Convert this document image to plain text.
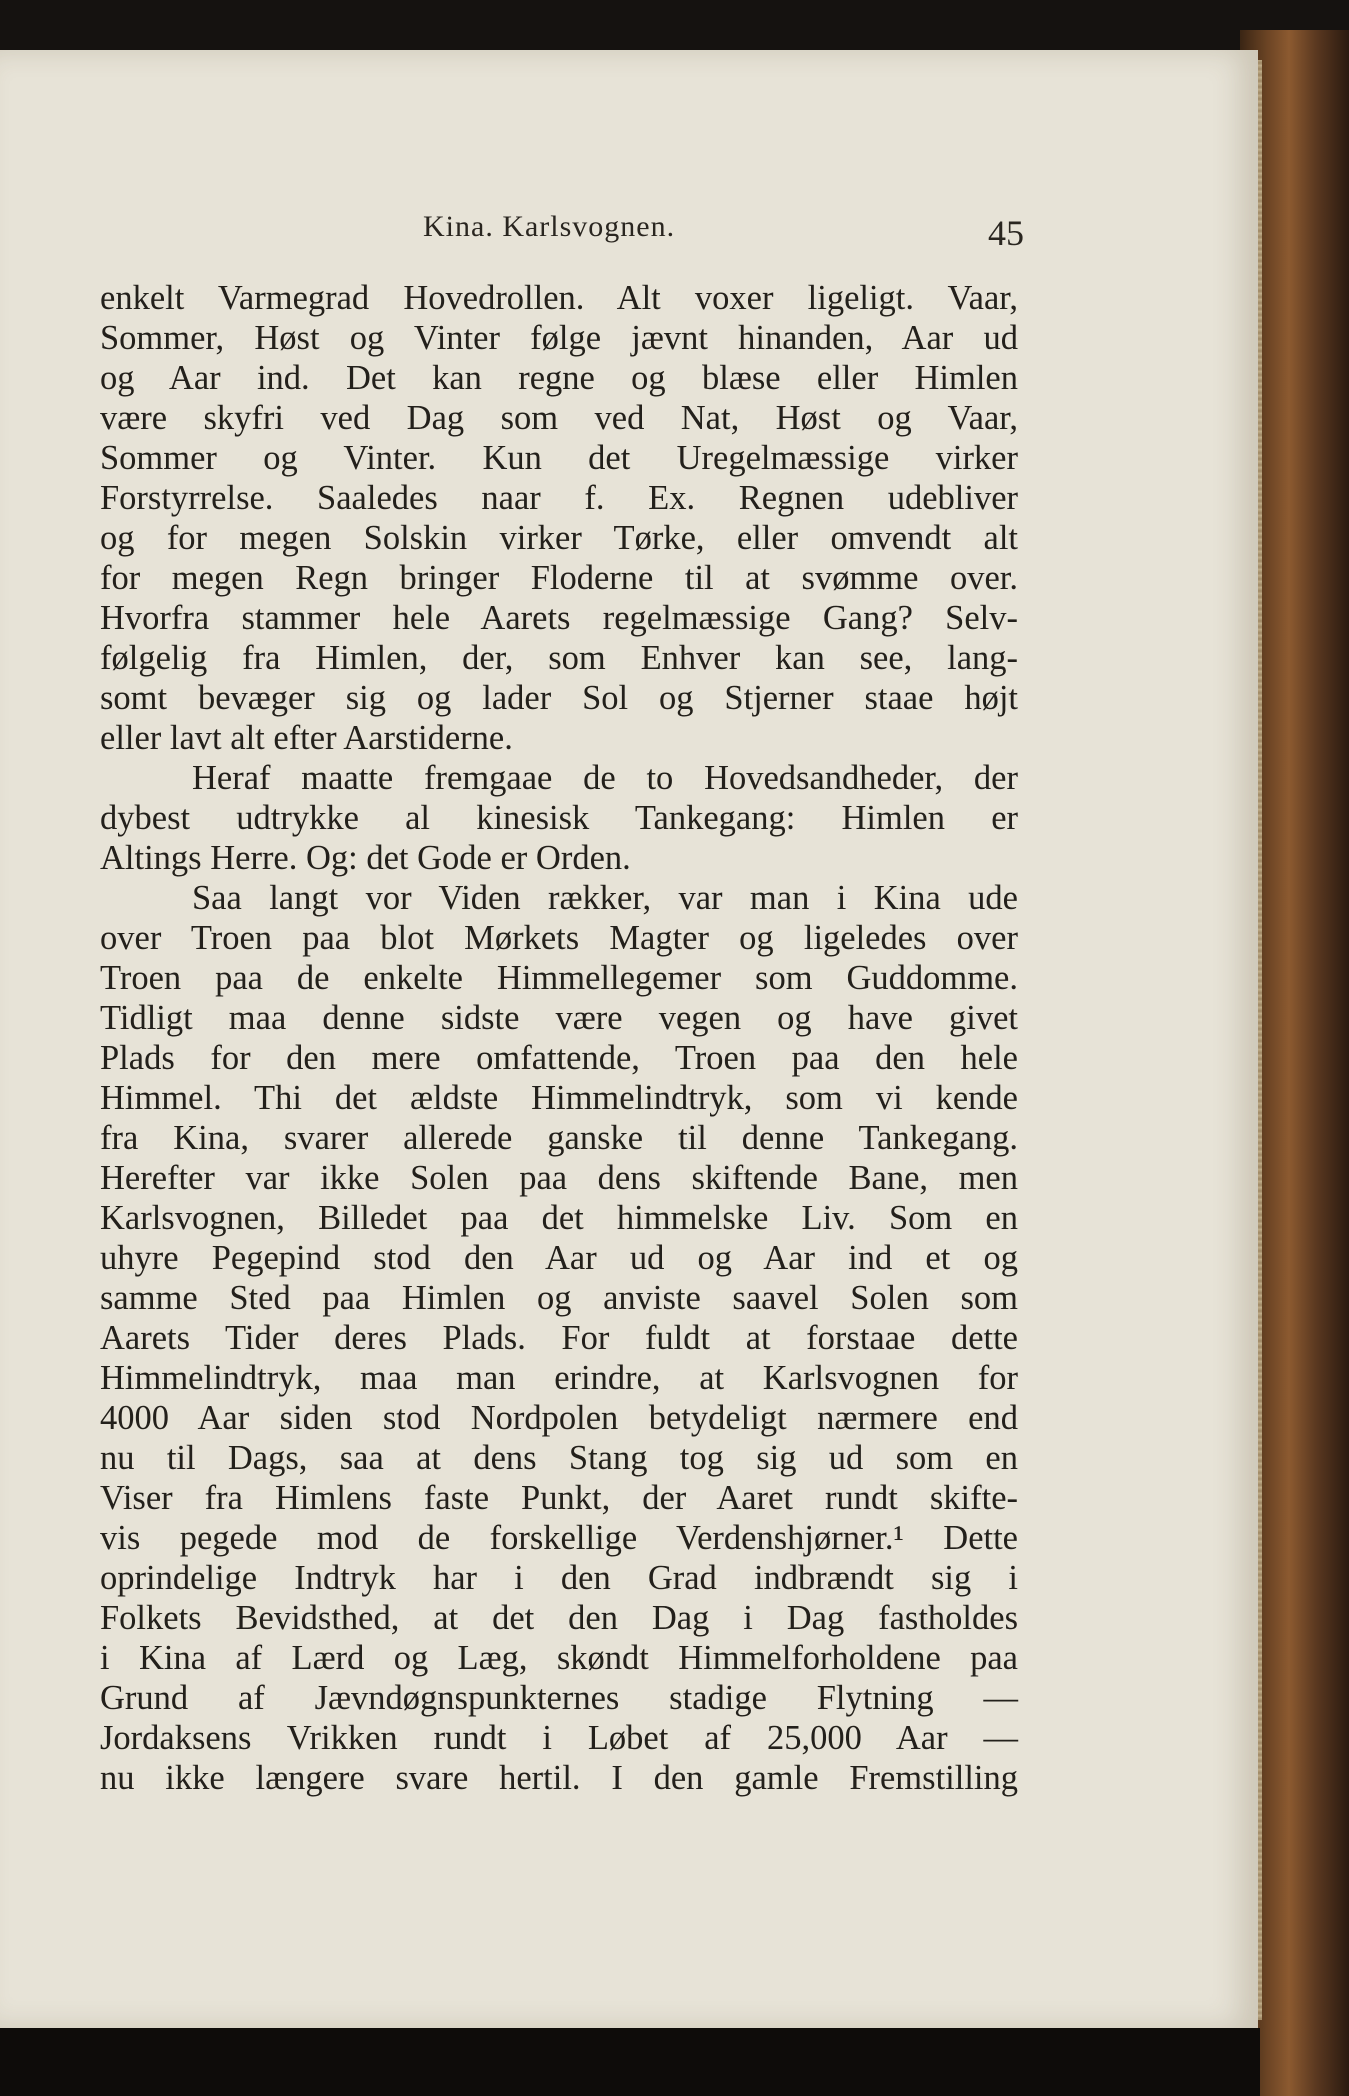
Kina. Karlsvognen.	45
enkelt Varmegrad Hovedrollen. Alt voxer ligeligt. Vaar,
Sommer, Høst og Vinter følge jævnt hinanden, Aar ud
og Aar ind. Det kan regne og blæse eller Himlen
være skyfri ved Dag som ved Nat, Høst og Vaar,
Sommer og Vinter. Kun det Uregelmæssige virker
Forstyrrelse. Saaledes naar f. Ex. Regnen udebliver
og for megen Solskin virker Tørke, eller omvendt alt
for megen Regn bringer Floderne til at svømme over.
Hvorfra stammer hele Aarets regelmæssige Gang? Selv-
følgelig fra Himlen, der, som Enhver kan see, lang-
somt bevæger sig og lader Sol og Stjerner staae højt
eller lavt alt efter Aarstiderne.
Heraf maatte fremgaae de to Hovedsandheder, der
dybest udtrykke al kinesisk Tankegang: Himlen er
Altings Herre. Og: det Gode er Orden.
Saa langt vor Viden rækker, var man i Kina ude
over Troen paa blot Mørkets Magter og ligeledes over
Troen paa de enkelte Himmellegemer som Guddomme.
Tidligt maa denne sidste være vegen og have givet
Plads for den mere omfattende, Troen paa den hele
Himmel. Thi det ældste Himmelindtryk, som vi kende
fra Kina, svarer allerede ganske til denne Tankegang.
Herefter var ikke Solen paa dens skiftende Bane, men
Karlsvognen, Billedet paa det himmelske Liv. Som en
uhyre Pegepind stod den Aar ud og Aar ind et og
samme Sted paa Himlen og anviste saavel Solen som
Aarets Tider deres Plads. For fuldt at forstaae dette
Himmelindtryk, maa man erindre, at Karlsvognen for
4000 Aar siden stod Nordpolen betydeligt nærmere end
nu til Dags, saa at dens Stang tog sig ud som en
Viser fra Himlens faste Punkt, der Aaret rundt skifte-
vis pegede mod de forskellige Verdenshjørner.¹ Dette
oprindelige Indtryk har i den Grad indbrændt sig i
Folkets Bevidsthed, at det den Dag i Dag fastholdes
i Kina af Lærd og Læg, skøndt Himmelforholdene paa
Grund af Jævndøgnspunkternes stadige Flytning —
Jordaksens Vrikken rundt i Løbet af 25,000 Aar —
nu ikke længere svare hertil. I den gamle Fremstilling
